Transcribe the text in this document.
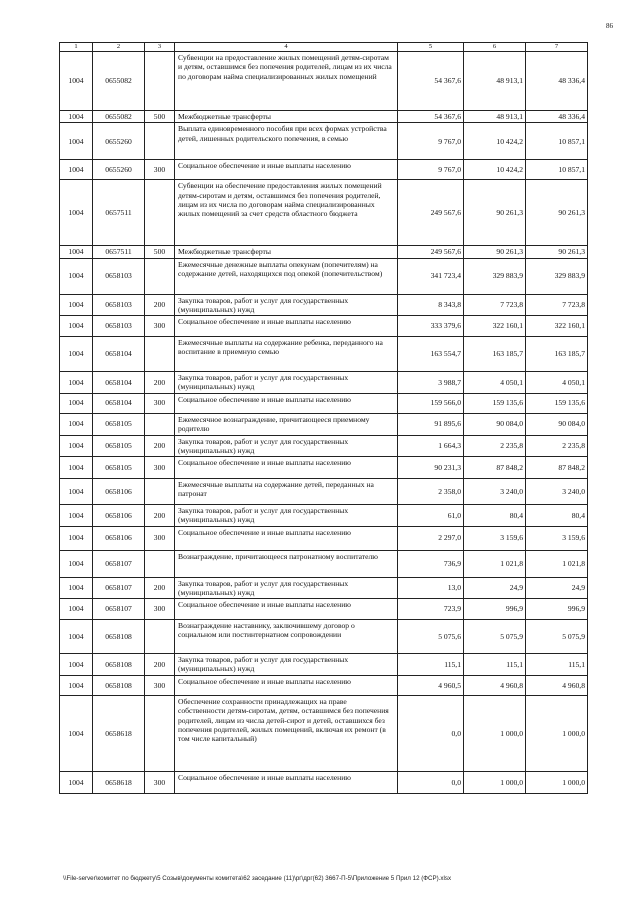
86
1	2	3	4	5	6	7
1004	0655082		Субвенции на предоставление жилых помещений детям-сиротам и детям, оставшимся без попечения родителей, лицам из их числа по договорам найма специализированных жилых помещений	54 367,6	48 913,1	48 336,4
1004	0655082	500	Межбюджетные трансферты	54 367,6	48 913,1	48 336,4
1004	0655260		Выплата единовременного пособия при всех формах устройства детей, лишенных родительского попечения, в семью	9 767,0	10 424,2	10 857,1
1004	0655260	300	Социальное обеспечение и иные выплаты населению	9 767,0	10 424,2	10 857,1
1004	0657511		Субвенции на обеспечение предоставления жилых помещений детям-сиротам и детям, оставшимся без попечения родителей, лицам из их числа по договорам найма специализированных жилых помещений за счет средств областного бюджета	249 567,6	90 261,3	90 261,3
1004	0657511	500	Межбюджетные трансферты	249 567,6	90 261,3	90 261,3
1004	0658103		Ежемесячные денежные выплаты опекунам (попечителям) на содержание детей, находящихся под опекой (попечительством)	341 723,4	329 883,9	329 883,9
1004	0658103	200	Закупка товаров, работ и услуг для государственных (муниципальных) нужд	8 343,8	7 723,8	7 723,8
1004	0658103	300	Социальное обеспечение и иные выплаты населению	333 379,6	322 160,1	322 160,1
1004	0658104		Ежемесячные выплаты на содержание ребенка, переданного на воспитание в приемную семью	163 554,7	163 185,7	163 185,7
1004	0658104	200	Закупка товаров, работ и услуг для государственных (муниципальных) нужд	3 988,7	4 050,1	4 050,1
1004	0658104	300	Социальное обеспечение и иные выплаты населению	159 566,0	159 135,6	159 135,6
1004	0658105		Ежемесячное вознаграждение, причитающееся приемному родителю	91 895,6	90 084,0	90 084,0
1004	0658105	200	Закупка товаров, работ и услуг для государственных (муниципальных) нужд	1 664,3	2 235,8	2 235,8
1004	0658105	300	Социальное обеспечение и иные выплаты населению	90 231,3	87 848,2	87 848,2
1004	0658106		Ежемесячные выплаты на содержание детей, переданных на патронат	2 358,0	3 240,0	3 240,0
1004	0658106	200	Закупка товаров, работ и услуг для государственных (муниципальных) нужд	61,0	80,4	80,4
1004	0658106	300	Социальное обеспечение и иные выплаты населению	2 297,0	3 159,6	3 159,6
1004	0658107		Вознаграждение, причитающееся патронатному воспитателю	736,9	1 021,8	1 021,8
1004	0658107	200	Закупка товаров, работ и услуг для государственных (муниципальных) нужд	13,0	24,9	24,9
1004	0658107	300	Социальное обеспечение и иные выплаты населению	723,9	996,9	996,9
1004	0658108		Вознаграждение наставнику, заключившему договор о социальном или постинтернатном сопровождении	5 075,6	5 075,9	5 075,9
1004	0658108	200	Закупка товаров, работ и услуг для государственных (муниципальных) нужд	115,1	115,1	115,1
1004	0658108	300	Социальное обеспечение и иные выплаты населению	4 960,5	4 960,8	4 960,8
1004	0658618		Обеспечение сохранности принадлежащих на праве собственности детям-сиротам, детям, оставшимся без попечения родителей, лицам из числа детей-сирот и детей, оставшихся без попечения родителей, жилых помещений, включая их ремонт (в том числе капитальный)	0,0	1 000,0	1 000,0
1004	0658618	300	Социальное обеспечение и иные выплаты населению	0,0	1 000,0	1 000,0
\\File-server\комитет по бюджету\5 Созыв\документы комитета\62 заседание (11)\рг\дрг(62) 3667-П-5\Приложение 5 Прил 12 (ФСР).xlsx
